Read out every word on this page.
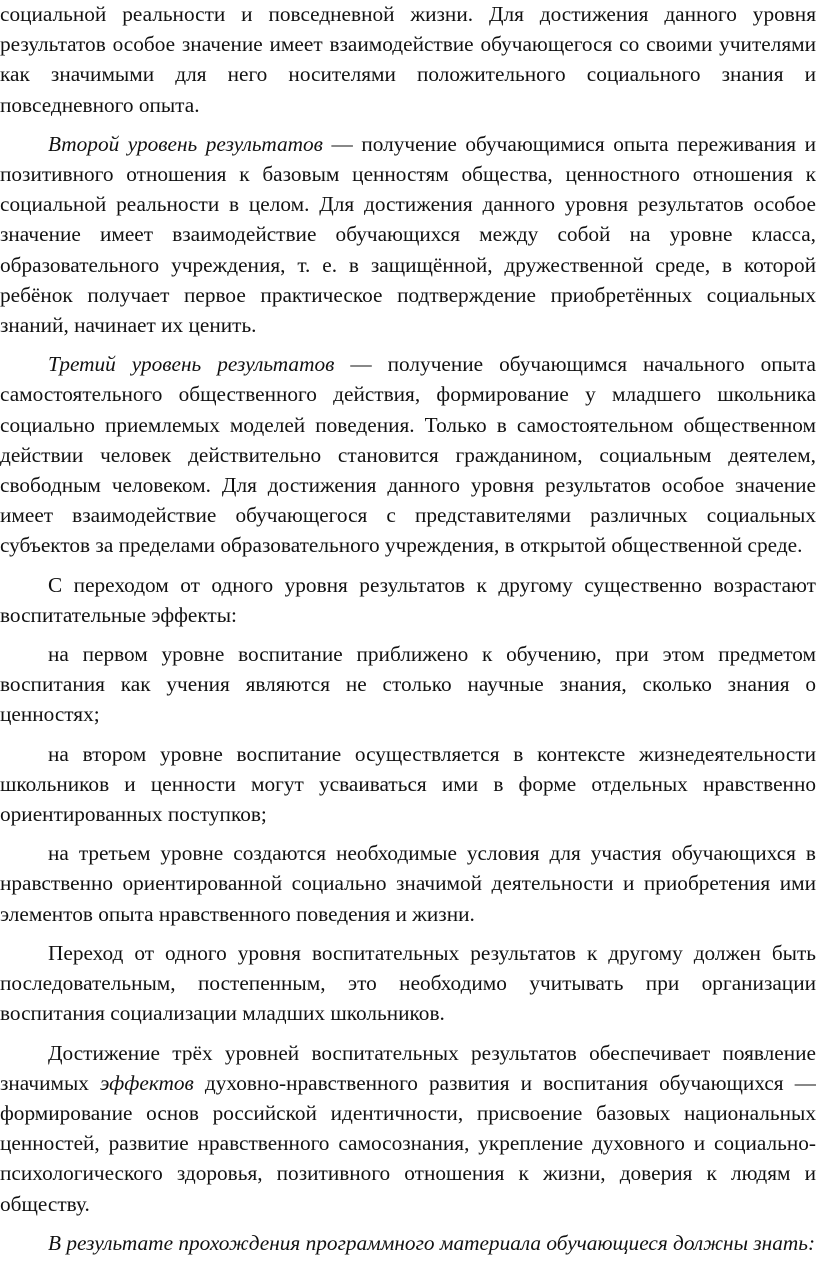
социальной реальности и повседневной жизни. Для достижения данного уровня результатов особое значение имеет взаимодействие обучающегося со своими учителями как значимыми для него носителями положительного социального знания и повседневного опыта.

Второй уровень результатов — получение обучающимися опыта переживания и позитивного отношения к базовым ценностям общества, ценностного отношения к социальной реальности в целом. Для достижения данного уровня результатов особое значение имеет взаимодействие обучающихся между собой на уровне класса, образовательного учреждения, т. е. в защищённой, дружественной среде, в которой ребёнок получает первое практическое подтверждение приобретённых социальных знаний, начинает их ценить.

Третий уровень результатов — получение обучающимся начального опыта самостоятельного общественного действия, формирование у младшего школьника социально приемлемых моделей поведения. Только в самостоятельном общественном действии человек действительно становится гражданином, социальным деятелем, свободным человеком. Для достижения данного уровня результатов особое значение имеет взаимодействие обучающегося с представителями различных социальных субъектов за пределами образовательного учреждения, в открытой общественной среде.

С переходом от одного уровня результатов к другому существенно возрастают воспитательные эффекты:

на первом уровне воспитание приближено к обучению, при этом предметом воспитания как учения являются не столько научные знания, сколько знания о ценностях;

на втором уровне воспитание осуществляется в контексте жизнедеятельности школьников и ценности могут усваиваться ими в форме отдельных нравственно ориентированных поступков;

на третьем уровне создаются необходимые условия для участия обучающихся в нравственно ориентированной социально значимой деятельности и приобретения ими элементов опыта нравственного поведения и жизни.

Переход от одного уровня воспитательных результатов к другому должен быть последовательным, постепенным, это необходимо учитывать при организации воспитания социализации младших школьников.

Достижение трёх уровней воспитательных результатов обеспечивает появление значимых эффектов духовно-нравственного развития и воспитания обучающихся — формирование основ российской идентичности, присвоение базовых национальных ценностей, развитие нравственного самосознания, укрепление духовного и социально-психологического здоровья, позитивного отношения к жизни, доверия к людям и обществу.

В результате прохождения программного материала обучающиеся должны знать:
